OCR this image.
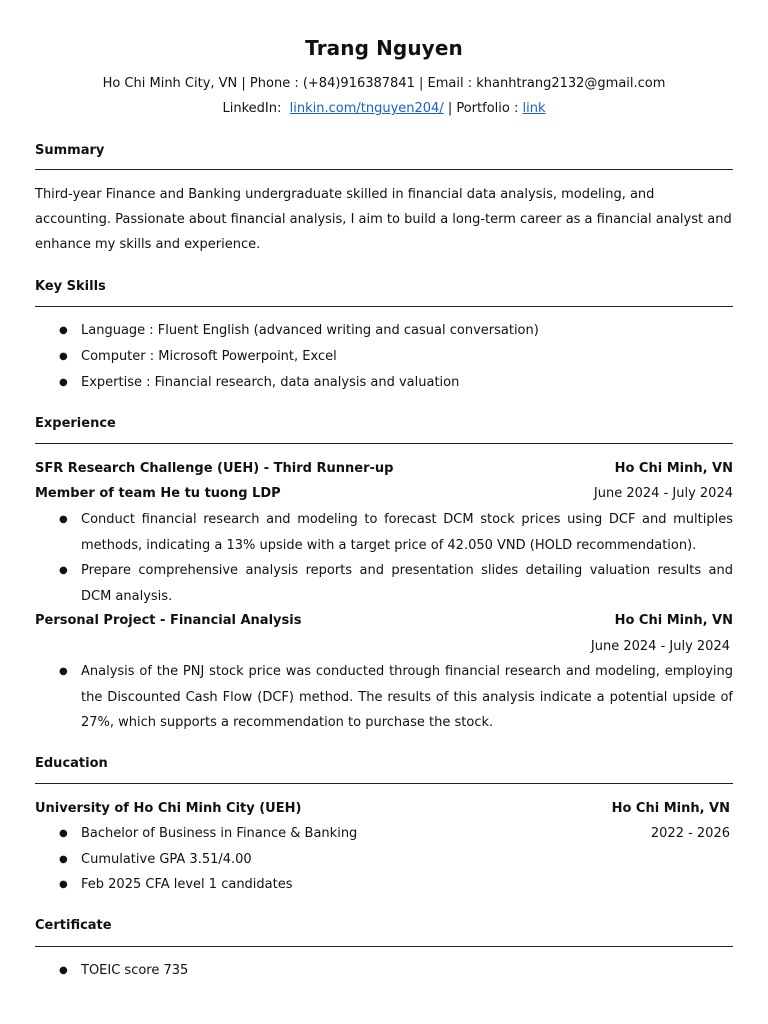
Trang Nguyen
Ho Chi Minh City, VN | Phone : (+84)916387841 | Email : khanhtrang2132@gmail.com
LinkedIn: linkin.com/tnguyen204/ | Portfolio : link
Summary
Third-year Finance and Banking undergraduate skilled in financial data analysis, modeling, and accounting. Passionate about financial analysis, I aim to build a long-term career as a financial analyst and enhance my skills and experience.
Key Skills
● Language : Fluent English (advanced writing and casual conversation)
● Computer : Microsoft Powerpoint, Excel
● Expertise : Financial research, data analysis and valuation
Experience
SFR Research Challenge (UEH) - Third Runner-up	Ho Chi Minh, VN
Member of team He tu tuong LDP	June 2024 - July 2024
● Conduct financial research and modeling to forecast DCM stock prices using DCF and multiples methods, indicating a 13% upside with a target price of 42.050 VND (HOLD recommendation).
● Prepare comprehensive analysis reports and presentation slides detailing valuation results and DCM analysis.
Personal Project - Financial Analysis	Ho Chi Minh, VN
June 2024 - July 2024
● Analysis of the PNJ stock price was conducted through financial research and modeling, employing the Discounted Cash Flow (DCF) method. The results of this analysis indicate a potential upside of 27%, which supports a recommendation to purchase the stock.
Education
University of Ho Chi Minh City (UEH)	Ho Chi Minh, VN
● Bachelor of Business in Finance & Banking	2022 - 2026
● Cumulative GPA 3.51/4.00
● Feb 2025 CFA level 1 candidates
Certificate
● TOEIC score 735
